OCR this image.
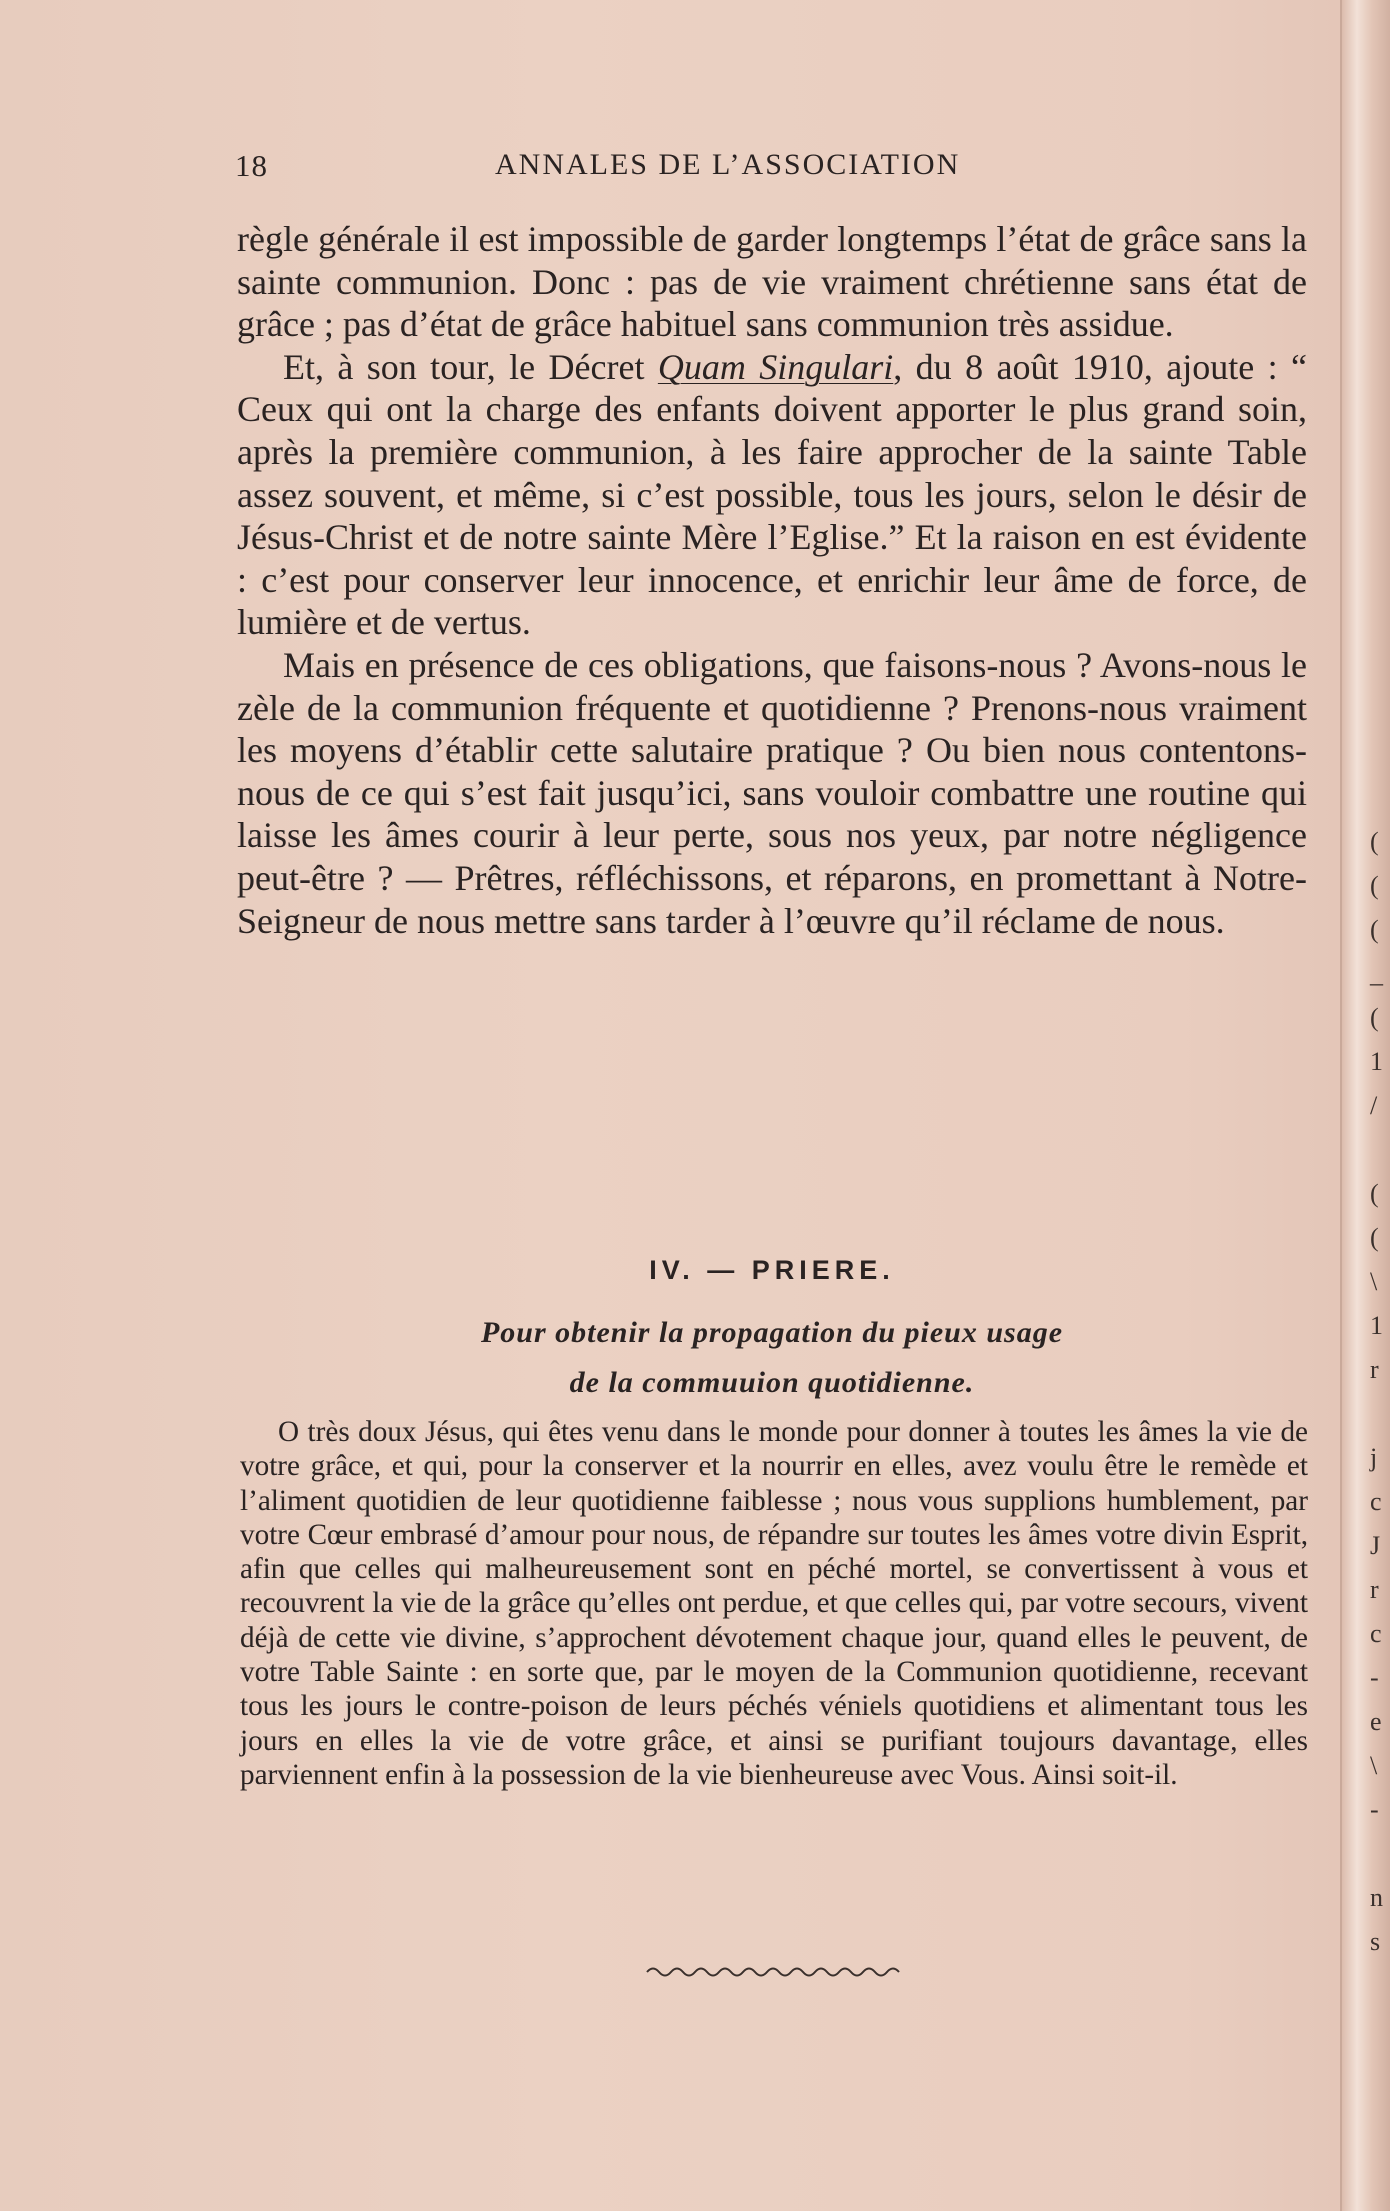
18	ANNALES DE L’ASSOCIATION

règle générale il est impossible de garder longtemps l’état de grâce sans la sainte communion. Donc : pas de vie vraiment chrétienne sans état de grâce ; pas d’état de grâce habituel sans communion très assidue.

Et, à son tour, le Décret Quam Singulari, du 8 août 1910, ajoute : “ Ceux qui ont la charge des enfants doivent apporter le plus grand soin, après la première communion, à les faire approcher de la sainte Table assez souvent, et même, si c’est possible, tous les jours, selon le désir de Jésus-Christ et de notre sainte Mère l’Eglise.” Et la raison en est évidente : c’est pour conserver leur innocence, et enrichir leur âme de force, de lumière et de vertus.

Mais en présence de ces obligations, que faisons-nous ? Avons-nous le zèle de la communion fréquente et quotidienne ? Prenons-nous vraiment les moyens d’établir cette salutaire pratique ? Ou bien nous contentons-nous de ce qui s’est fait jusqu’ici, sans vouloir combattre une routine qui laisse les âmes courir à leur perte, sous nos yeux, par notre négligence peut-être ? — Prêtres, réfléchissons, et réparons, en promettant à Notre-Seigneur de nous mettre sans tarder à l’œuvre qu’il réclame de nous.

IV. — PRIERE.
Pour obtenir la propagation du pieux usage
de la commuuion quotidienne.

O très doux Jésus, qui êtes venu dans le monde pour donner à toutes les âmes la vie de votre grâce, et qui, pour la conserver et la nourrir en elles, avez voulu être le remède et l’aliment quotidien de leur quotidienne faiblesse ; nous vous supplions humblement, par votre Cœur embrasé d’amour pour nous, de répandre sur toutes les âmes votre divin Esprit, afin que celles qui malheureusement sont en péché mortel, se convertissent à vous et recouvrent la vie de la grâce qu’elles ont perdue, et que celles qui, par votre secours, vivent déjà de cette vie divine, s’approchent dévotement chaque jour, quand elles le peuvent, de votre Table Sainte : en sorte que, par le moyen de la Communion quotidienne, recevant tous les jours le contre-poison de leurs péchés véniels quotidiens et alimentant tous les jours en elles la vie de votre grâce, et ainsi se purifiant toujours davantage, elles parviennent enfin à la possession de la vie bienheureuse avec Vous. Ainsi soit-il.

(
(
(
_
(
1
/

(
(
\
1
r

j
c
J
r
c
-
e
\
-

n
s
